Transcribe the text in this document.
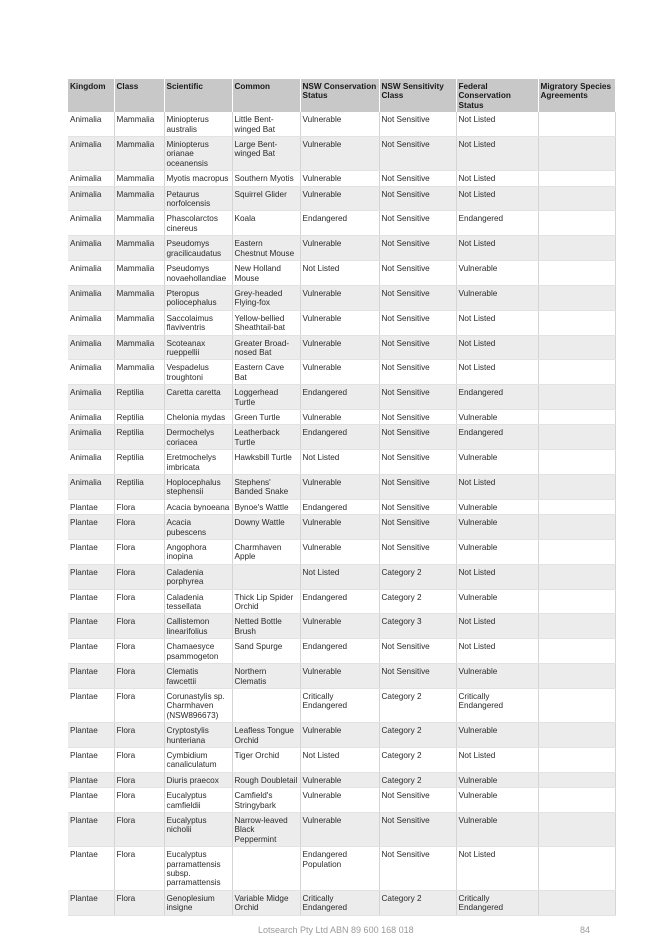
Kingdom	Class	Scientific	Common	NSW Conservation Status	NSW Sensitivity Class	Federal Conservation Status	Migratory Species Agreements
Animalia	Mammalia	Miniopterus australis	Little Bent-winged Bat	Vulnerable	Not Sensitive	Not Listed	
Animalia	Mammalia	Miniopterus orianae oceanensis	Large Bent-winged Bat	Vulnerable	Not Sensitive	Not Listed	
Animalia	Mammalia	Myotis macropus	Southern Myotis	Vulnerable	Not Sensitive	Not Listed	
Animalia	Mammalia	Petaurus norfolcensis	Squirrel Glider	Vulnerable	Not Sensitive	Not Listed	
Animalia	Mammalia	Phascolarctos cinereus	Koala	Endangered	Not Sensitive	Endangered	
Animalia	Mammalia	Pseudomys gracilicaudatus	Eastern Chestnut Mouse	Vulnerable	Not Sensitive	Not Listed	
Animalia	Mammalia	Pseudomys novaehollandiae	New Holland Mouse	Not Listed	Not Sensitive	Vulnerable	
Animalia	Mammalia	Pteropus poliocephalus	Grey-headed Flying-fox	Vulnerable	Not Sensitive	Vulnerable	
Animalia	Mammalia	Saccolaimus flaviventris	Yellow-bellied Sheathtail-bat	Vulnerable	Not Sensitive	Not Listed	
Animalia	Mammalia	Scoteanax rueppellii	Greater Broad-nosed Bat	Vulnerable	Not Sensitive	Not Listed	
Animalia	Mammalia	Vespadelus troughtoni	Eastern Cave Bat	Vulnerable	Not Sensitive	Not Listed	
Animalia	Reptilia	Caretta caretta	Loggerhead Turtle	Endangered	Not Sensitive	Endangered	
Animalia	Reptilia	Chelonia mydas	Green Turtle	Vulnerable	Not Sensitive	Vulnerable	
Animalia	Reptilia	Dermochelys coriacea	Leatherback Turtle	Endangered	Not Sensitive	Endangered	
Animalia	Reptilia	Eretmochelys imbricata	Hawksbill Turtle	Not Listed	Not Sensitive	Vulnerable	
Animalia	Reptilia	Hoplocephalus stephensii	Stephens' Banded Snake	Vulnerable	Not Sensitive	Not Listed	
Plantae	Flora	Acacia bynoeana	Bynoe's Wattle	Endangered	Not Sensitive	Vulnerable	
Plantae	Flora	Acacia pubescens	Downy Wattle	Vulnerable	Not Sensitive	Vulnerable	
Plantae	Flora	Angophora inopina	Charmhaven Apple	Vulnerable	Not Sensitive	Vulnerable	
Plantae	Flora	Caladenia porphyrea		Not Listed	Category 2	Not Listed	
Plantae	Flora	Caladenia tessellata	Thick Lip Spider Orchid	Endangered	Category 2	Vulnerable	
Plantae	Flora	Callistemon linearifolius	Netted Bottle Brush	Vulnerable	Category 3	Not Listed	
Plantae	Flora	Chamaesyce psammogeton	Sand Spurge	Endangered	Not Sensitive	Not Listed	
Plantae	Flora	Clematis fawcettii	Northern Clematis	Vulnerable	Not Sensitive	Vulnerable	
Plantae	Flora	Corunastylis sp. Charmhaven (NSW896673)		Critically Endangered	Category 2	Critically Endangered	
Plantae	Flora	Cryptostylis hunteriana	Leafless Tongue Orchid	Vulnerable	Category 2	Vulnerable	
Plantae	Flora	Cymbidium canaliculatum	Tiger Orchid	Not Listed	Category 2	Not Listed	
Plantae	Flora	Diuris praecox	Rough Doubletail	Vulnerable	Category 2	Vulnerable	
Plantae	Flora	Eucalyptus camfieldii	Camfield's Stringybark	Vulnerable	Not Sensitive	Vulnerable	
Plantae	Flora	Eucalyptus nicholii	Narrow-leaved Black Peppermint	Vulnerable	Not Sensitive	Vulnerable	
Plantae	Flora	Eucalyptus parramattensis subsp. parramattensis		Endangered Population	Not Sensitive	Not Listed	
Plantae	Flora	Genoplesium insigne	Variable Midge Orchid	Critically Endangered	Category 2	Critically Endangered	
Lotsearch Pty Ltd ABN 89 600 168 018	84
